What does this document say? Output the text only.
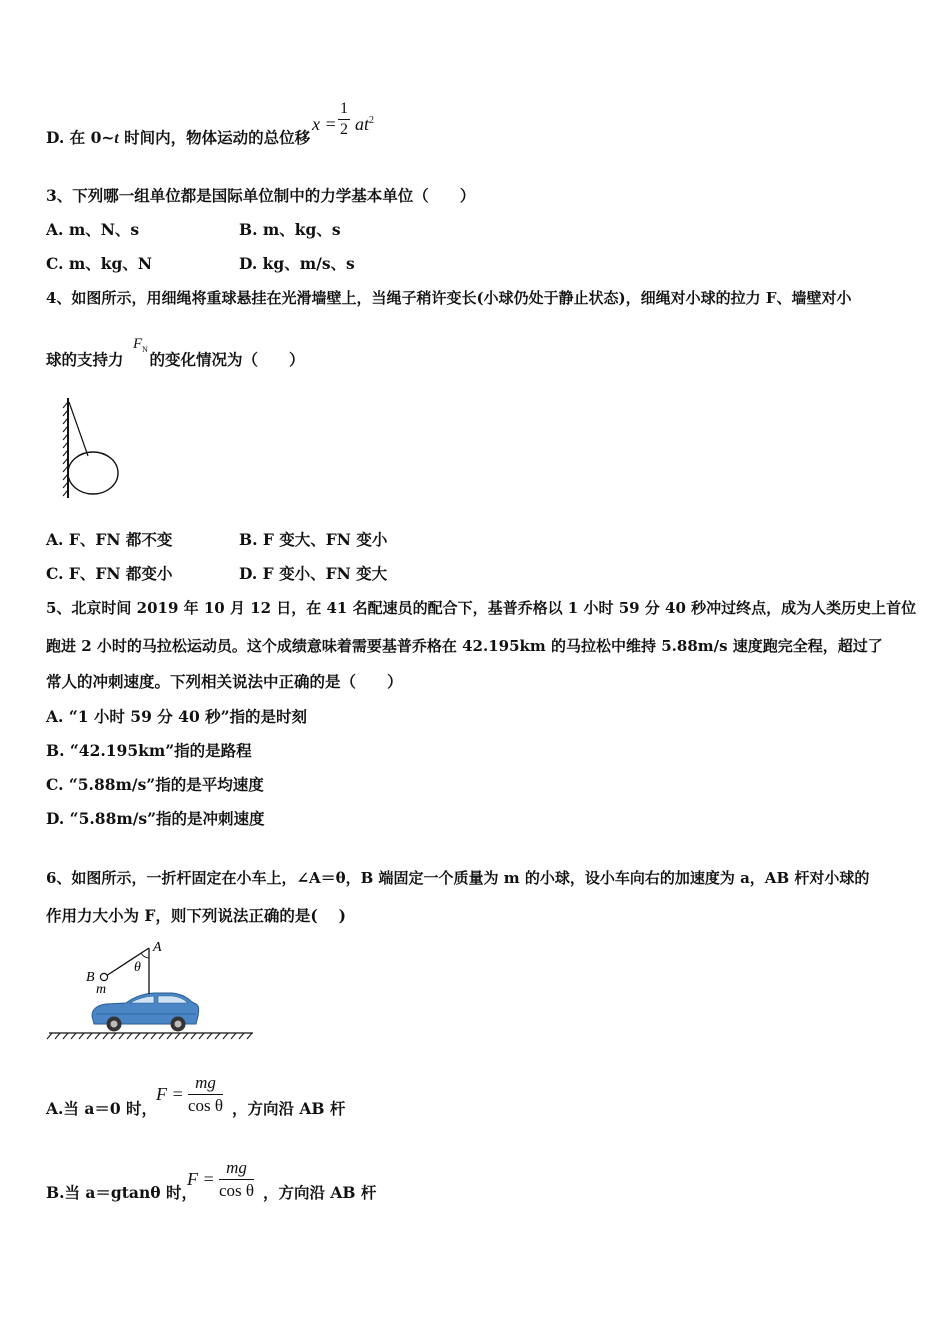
D. 在 0~t 时间内，物体运动的总位移
$x = \frac{1}{2} at^2$
3、下列哪一组单位都是国际单位制中的力学基本单位（　　）
A. m、N、s	B. m、kg、s
C. m、kg、N	D. kg、m/s、s
4、如图所示，用细绳将重球悬挂在光滑墙壁上，当绳子稍许变长(小球仍处于静止状态)，细绳对小球的拉力 F、墙壁对小
球的支持力 的变化情况为（　　）
$F_N$
A. F、FN 都不变	B. F 变大、FN 变小
C. F、FN 都变小	D. F 变小、FN 变大
5、北京时间 2019 年 10 月 12 日，在 41 名配速员的配合下，基普乔格以 1 小时 59 分 40 秒冲过终点，成为人类历史上首位
跑进 2 小时的马拉松运动员。这个成绩意味着需要基普乔格在 42.195km 的马拉松中维持 5.88m/s 速度跑完全程，超过了
常人的冲刺速度。下列相关说法中正确的是（　　）
A. “1 小时 59 分 40 秒”指的是时刻
B. “42.195km”指的是路程
C. “5.88m/s”指的是平均速度
D. “5.88m/s”指的是冲刺速度
6、如图所示，一折杆固定在小车上，∠A＝θ，B 端固定一个质量为 m 的小球，设小车向右的加速度为 a，AB 杆对小球的
作用力大小为 F，则下列说法正确的是(　 )
A
θ
B
m
A.当 a＝0 时，
$F = \frac{mg}{\text{cos θ}}$ ，方向沿 AB 杆
B.当 a＝gtanθ 时，
$F = \frac{mg}{\text{cos θ}}$ ，方向沿 AB 杆
